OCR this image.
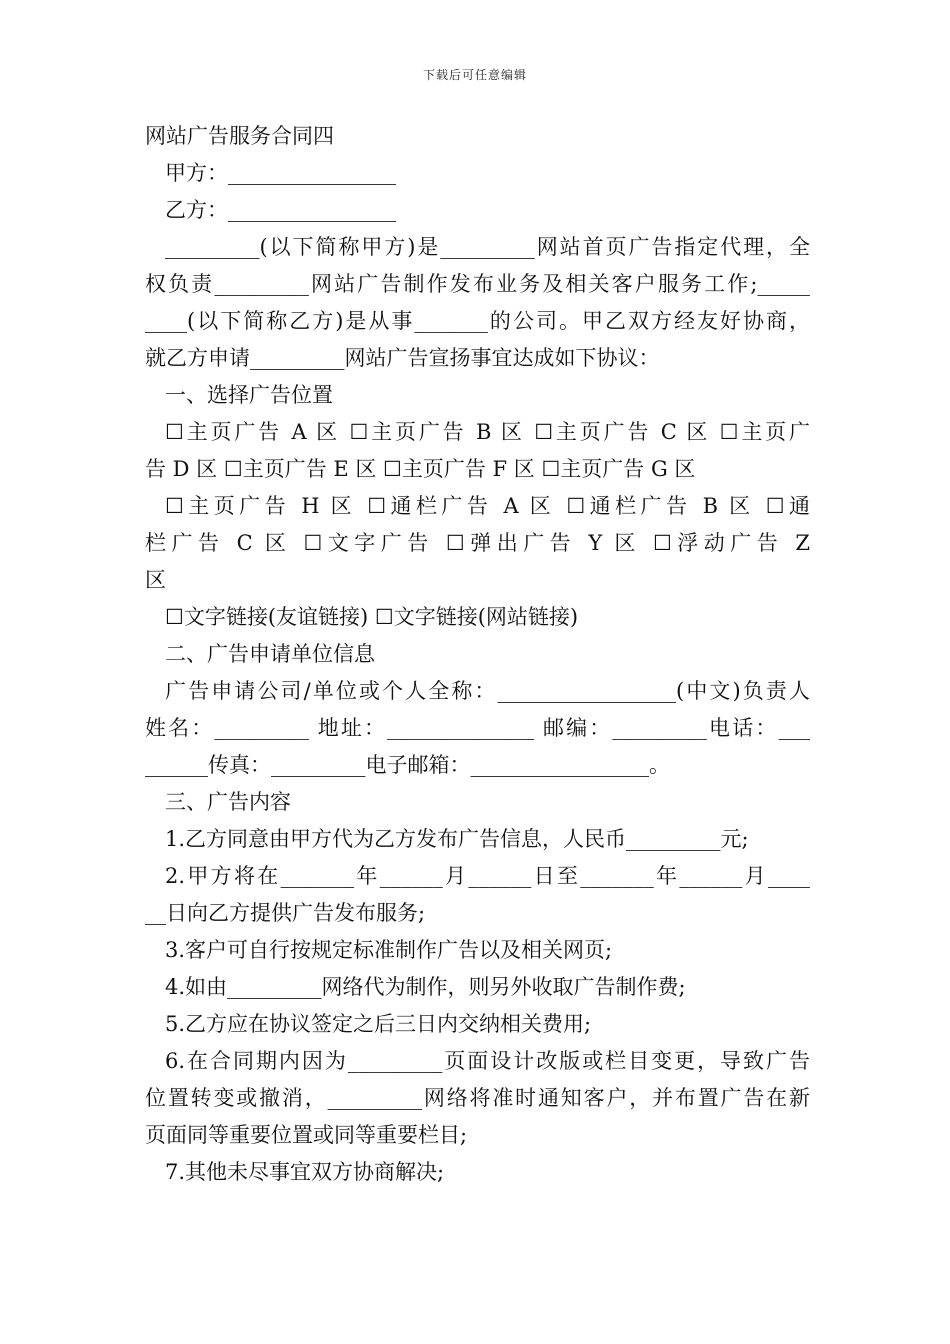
下载后可任意编辑
网站广告服务合同四
甲方：________________
乙方：________________
_________(以下简称甲方)是_________网站首页广告指定代理，全
权负责_________网站广告制作发布业务及相关客户服务工作;_____
____(以下简称乙方)是从事_______的公司。甲乙双方经友好协商，
就乙方申请_________网站广告宣扬事宜达成如下协议：
一、选择广告位置
☐主页广告 A 区 ☐主页广告 B 区 ☐主页广告 C 区 ☐主页广
告 D 区 ☐主页广告 E 区 ☐主页广告 F 区 ☐主页广告 G 区
☐主页广告 H 区 ☐通栏广告 A 区 ☐通栏广告 B 区 ☐通
栏广告 C 区 ☐文字广告 ☐弹出广告 Y 区 ☐浮动广告 Z
区
☐文字链接(友谊链接) ☐文字链接(网站链接)
二、广告申请单位信息
广告申请公司/单位或个人全称：_________________(中文)负责人
姓名：_________ 地址：______________ 邮编：_________电话：___
______传真：_________电子邮箱：_________________。
三、广告内容
1.乙方同意由甲方代为乙方发布广告信息，人民币_________元;
2.甲方将在_______年______月______日至_______年______月____
__日向乙方提供广告发布服务;
3.客户可自行按规定标准制作广告以及相关网页;
4.如由_________网络代为制作，则另外收取广告制作费;
5.乙方应在协议签定之后三日内交纳相关费用;
6.在合同期内因为_________页面设计改版或栏目变更，导致广告
位置转变或撤消，_________网络将准时通知客户，并布置广告在新
页面同等重要位置或同等重要栏目;
7.其他未尽事宜双方协商解决;
